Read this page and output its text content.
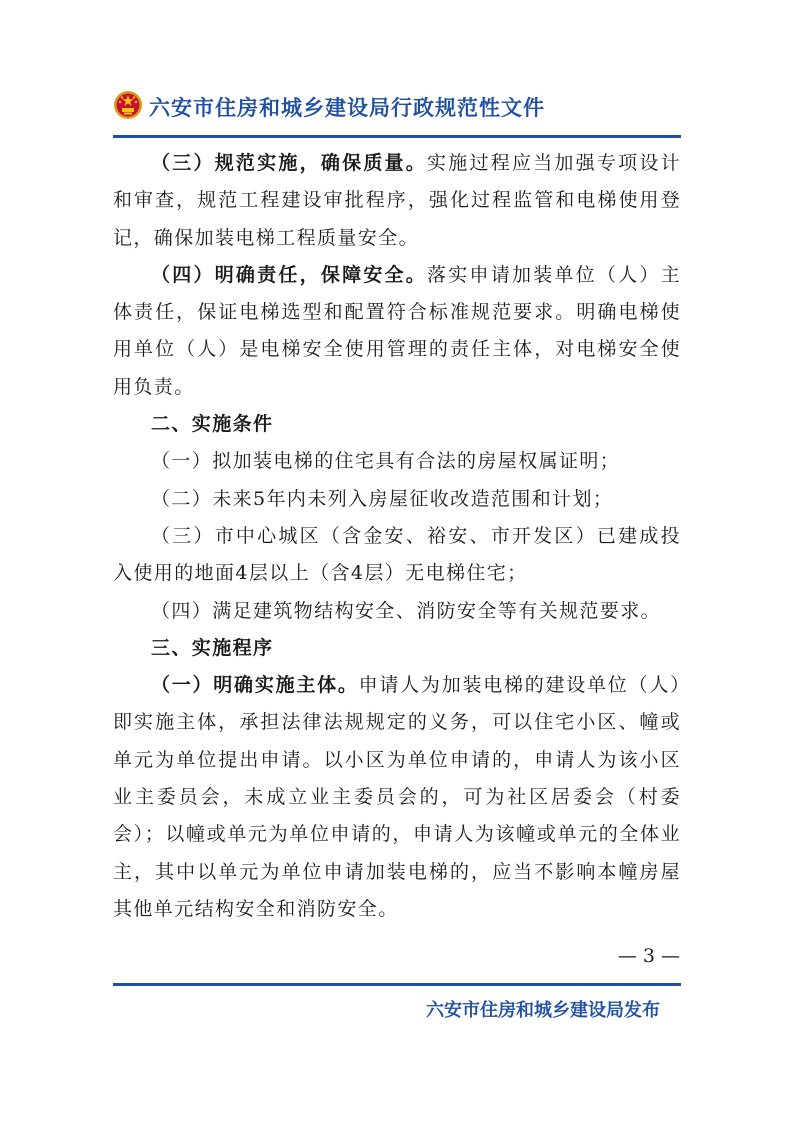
六安市住房和城乡建设局行政规范性文件

（三）规范实施，确保质量。实施过程应当加强专项设计和审查，规范工程建设审批程序，强化过程监管和电梯使用登记，确保加装电梯工程质量安全。

（四）明确责任，保障安全。落实申请加装单位（人）主体责任，保证电梯选型和配置符合标准规范要求。明确电梯使用单位（人）是电梯安全使用管理的责任主体，对电梯安全使用负责。

二、实施条件

（一）拟加装电梯的住宅具有合法的房屋权属证明；

（二）未来5年内未列入房屋征收改造范围和计划；

（三）市中心城区（含金安、裕安、市开发区）已建成投入使用的地面4层以上（含4层）无电梯住宅；

（四）满足建筑物结构安全、消防安全等有关规范要求。

三、实施程序

（一）明确实施主体。申请人为加装电梯的建设单位（人）即实施主体，承担法律法规规定的义务，可以住宅小区、幢或单元为单位提出申请。以小区为单位申请的，申请人为该小区业主委员会，未成立业主委员会的，可为社区居委会（村委会）；以幢或单元为单位申请的，申请人为该幢或单元的全体业主，其中以单元为单位申请加装电梯的，应当不影响本幢房屋其他单元结构安全和消防安全。

— 3 —
六安市住房和城乡建设局发布
